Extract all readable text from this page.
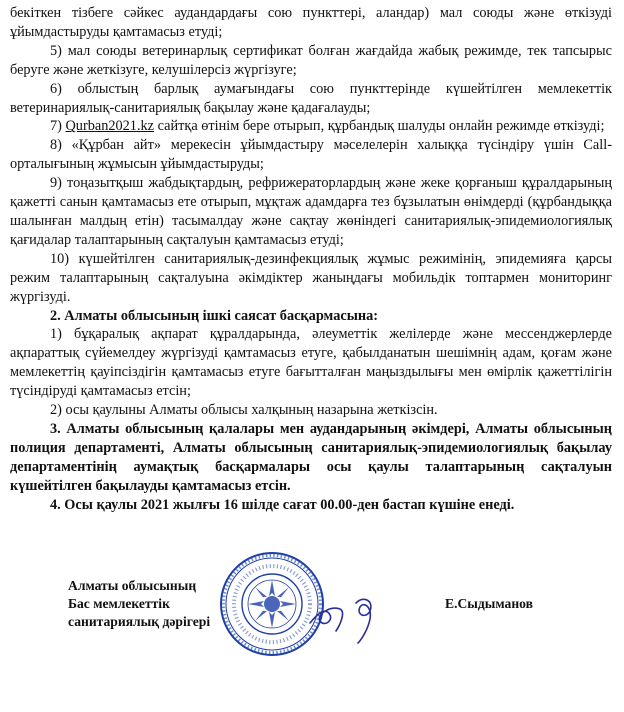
бекіткен тізбеге сәйкес аудандардағы сою пункттері, аландар) мал союды және өткізуді ұйымдастыруды қамтамасыз етуді;

5) мал союды ветеринарлық сертификат болған жағдайда жабық режимде, тек тапсырыс беруге және жеткізуге, келушілерсіз жүргізуге;

6) облыстың барлық аумағындағы сою пункттерінде күшейтілген мемлекеттік ветеринариялық-санитариялық бақылау және қадағалауды;

7) Qurban2021.kz сайтқа өтінім бере отырып, құрбандық шалуды онлайн режимде өткізуді;

8) «Құрбан айт» мерекесін ұйымдастыру мәселелерін халыққа түсіндіру үшін Call-орталығының жұмысын ұйымдастыруды;

9) тоңазытқыш жабдықтардың, рефрижераторлардың және жеке қорғаныш құралдарының қажетті санын қамтамасыз ете отырып, мұқтаж адамдарға тез бұзылатын өнімдерді (құрбандыққа шалынған малдың етін) тасымалдау және сақтау жөніндегі санитариялық-эпидемиологиялық қағидалар талаптарының сақталуын қамтамасыз етуді;

10) күшейтілген санитариялық-дезинфекциялық жұмыс режимінің, эпидемияға қарсы режим талаптарының сақталуына әкімдіктер жаныңдағы мобильдік топтармен мониторинг жүргізуді.

2. Алматы облысының ішкі саясат басқармасына:

1) бұқаралық ақпарат құралдарында, әлеуметтік желілерде және мессенджерлерде ақпараттық сүйемелдеу жүргізуді қамтамасыз етуге, қабылданатын шешімнің адам, қоғам және мемлекеттің қауіпсіздігін қамтамасыз етуге бағытталған маңыздылығы мен өмірлік қажеттілігін түсіндіруді қамтамасыз етсін;

2) осы қаулыны Алматы облысы халқының назарына жеткізсін.

3. Алматы облысының қалалары мен аудандарының әкімдері, Алматы облысының полиция департаменті, Алматы облысының санитариялық-эпидемиологиялық бақылау департаментінің аумақтық басқармалары осы қаулы талаптарының сақталуын күшейтілген бақылауды қамтамасыз етсін.

4. Осы қаулы 2021 жылғы 16 шілде сағат 00.00-ден бастап күшіне енеді.

Алматы облысының
Бас мемлекеттік
санитариялық дәрігері
Е.Сыдыманов
